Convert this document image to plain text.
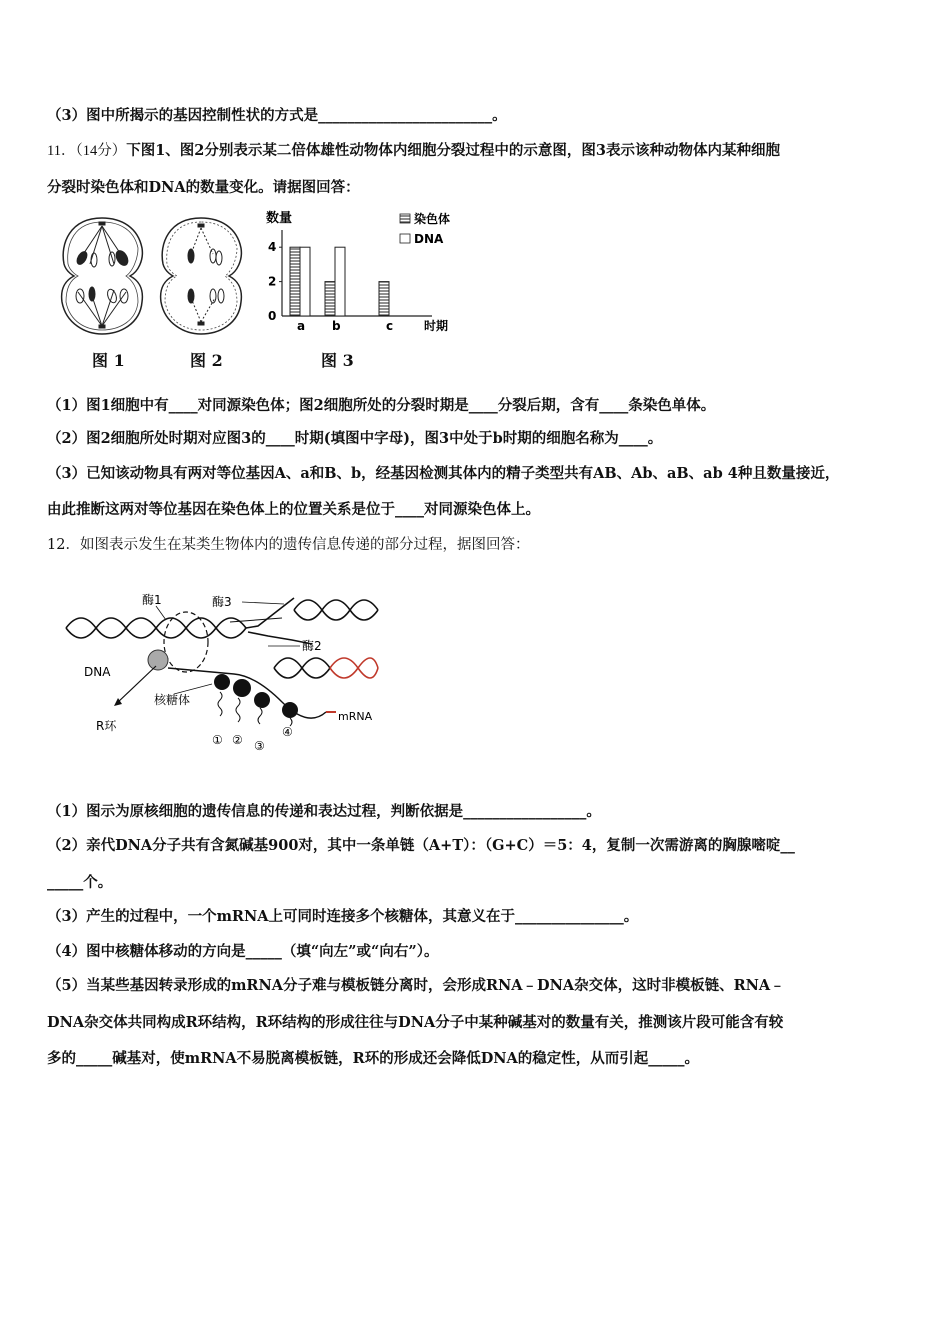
（3）图中所揭示的基因控制性状的方式是________________________。
11．（14分）下图1、图2分别表示某二倍体雄性动物体内细胞分裂过程中的示意图，图3表示该种动物体内某种细胞
分裂时染色体和DNA的数量变化。请据图回答：
数量
0
2
4
a b	c
染色体
DNA
时期
图 1	图 2	图 3
（1）图1细胞中有____对同源染色体；图2细胞所处的分裂时期是____分裂后期，含有____条染色单体。
（2）图2细胞所处时期对应图3的____时期(填图中字母)，图3中处于b时期的细胞名称为____。
（3）已知该动物具有两对等位基因A、a和B、b，经基因检测其体内的精子类型共有AB、Ab、aB、ab 4种且数量接近，
由此推断这两对等位基因在染色体上的位置关系是位于____对同源染色体上。
12．如图表示发生在某类生物体内的遗传信息传递的部分过程，据图回答：
酶1	酶3
酶2
DNA
核糖体
R环
mRNA
① ② ③
④
（1）图示为原核细胞的遗传信息的传递和表达过程，判断依据是_________________。
（2）亲代DNA分子共有含氮碱基900对，其中一条单链（A+T）：（G+C）＝5：4，复制一次需游离的胸腺嘧啶__
_____个。
（3）产生的过程中，一个mRNA上可同时连接多个核糖体，其意义在于_______________。
（4）图中核糖体移动的方向是_____（填“向左”或“向右”）。
（5）当某些基因转录形成的mRNA分子难与模板链分离时，会形成RNA﹣DNA杂交体，这时非模板链、RNA﹣
DNA杂交体共同构成R环结构，R环结构的形成往往与DNA分子中某种碱基对的数量有关，推测该片段可能含有较
多的_____碱基对，使mRNA不易脱离模板链，R环的形成还会降低DNA的稳定性，从而引起_____。
